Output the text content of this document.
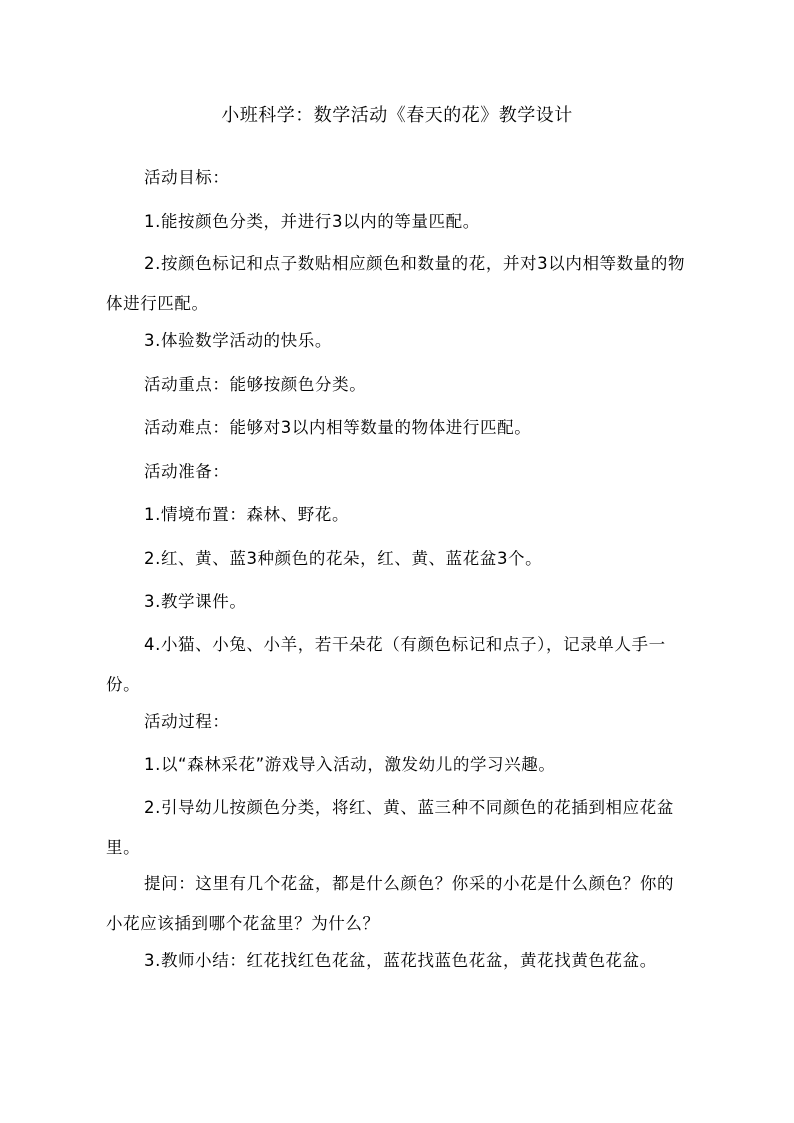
小班科学：数学活动《春天的花》教学设计

活动目标：

1.能按颜色分类，并进行3以内的等量匹配。

2.按颜色标记和点子数贴相应颜色和数量的花，并对3以内相等数量的物体进行匹配。

3.体验数学活动的快乐。

活动重点：能够按颜色分类。

活动难点：能够对3以内相等数量的物体进行匹配。

活动准备：

1.情境布置：森林、野花。

2.红、黄、蓝3种颜色的花朵，红、黄、蓝花盆3个。

3.教学课件。

4.小猫、小兔、小羊，若干朵花（有颜色标记和点子），记录单人手一份。

活动过程：

1.以“森林采花”游戏导入活动，激发幼儿的学习兴趣。

2.引导幼儿按颜色分类，将红、黄、蓝三种不同颜色的花插到相应花盆里。

提问：这里有几个花盆，都是什么颜色？你采的小花是什么颜色？你的小花应该插到哪个花盆里？为什么？

3.教师小结：红花找红色花盆，蓝花找蓝色花盆，黄花找黄色花盆。
